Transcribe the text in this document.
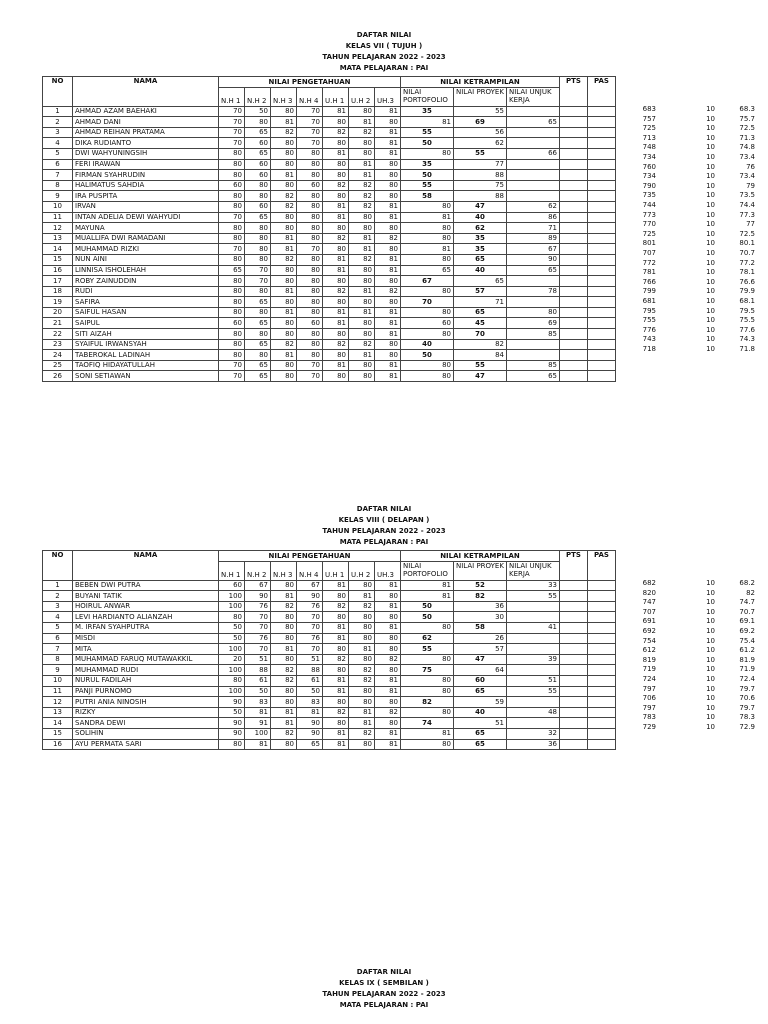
DAFTAR NILAI
KELAS VII ( TUJUH )
TAHUN PELAJARAN 2022 - 2023
MATA PELAJARAN : PAI
NO	NAMA	NILAI PENGETAHUAN							NILAI KETRAMPILAN			PTS	PAS
		N.H 1	N.H 2	N.H 3	N.H 4	U.H 1	U.H 2	UH.3	NILAI PORTOFOLIO	NILAI PROYEK	NILAI UNJUK KERJA		
1	AHMAD AZAM BAEHAKI	70	50	80	70	81	80	81	35	55			
2	AHMAD DANI	70	80	81	70	80	81	80	81	69	65		
3	AHMAD REIHAN PRATAMA	70	65	82	70	82	82	81	55	56			
4	DIKA RUDIANTO	70	60	80	70	80	80	81	50	62			
5	DWI WAHYUNINGSIH	80	65	80	80	81	80	81	80	55	66		
6	FERI IRAWAN	80	60	80	80	80	81	80	35	77			
7	FIRMAN SYAHRUDIN	80	60	81	80	80	81	80	50	88			
8	HALIMATUS SAHDIA	60	80	80	60	82	82	80	55	75			
9	IRA PUSPITA	80	80	82	80	80	82	80	58	88			
10	IRVAN	80	60	82	80	81	82	81	80	47	62		
11	INTAN ADELIA DEWI WAHYUDI	70	65	80	80	81	80	81	81	40	86		
12	MAYUNA	80	80	80	80	80	80	80	80	62	71		
13	MUALLIFA DWI RAMADANI	80	80	81	80	82	81	82	80	35	89		
14	MUHAMMAD RIZKI	70	80	81	70	80	81	80	81	35	67		
15	NUN AINI	80	80	82	80	81	82	81	80	65	90		
16	LINNISA ISHOLEHAH	65	70	80	80	81	80	81	65	40	65		
17	ROBY ZAINUDDIN	80	70	80	80	80	80	80	67	65			
18	RUDI	80	80	81	80	82	81	82	80	57	78		
19	SAFIRA	80	65	80	80	80	80	80	70	71			
20	SAIFUL HASAN	80	80	81	80	81	81	81	80	65	80		
21	SAIPUL	60	65	80	60	81	80	81	60	45	69		
22	SITI AIZAH	80	80	80	80	80	80	81	80	70	85		
23	SYAIFUL IRWANSYAH	80	65	82	80	82	82	80	40	82			
24	TABEROKAL LADINAH	80	80	81	80	80	81	80	50	84			
25	TAOFIQ HIDAYATULLAH	70	65	80	70	81	80	81	80	55	85		
26	SONI SETIAWAN	70	65	80	70	80	80	81	80	47	65		
683	10	68.3
757	10	75.7
725	10	72.5
713	10	71.3
748	10	74.8
734	10	73.4
760	10	76
734	10	73.4
790	10	79
735	10	73.5
744	10	74.4
773	10	77.3
770	10	77
725	10	72.5
801	10	80.1
707	10	70.7
772	10	77.2
781	10	78.1
766	10	76.6
799	10	79.9
681	10	68.1
795	10	79.5
755	10	75.5
776	10	77.6
743	10	74.3
718	10	71.8
DAFTAR NILAI
KELAS VIII ( DELAPAN )
TAHUN PELAJARAN 2022 - 2023
MATA PELAJARAN : PAI
NO	NAMA	NILAI PENGETAHUAN							NILAI KETRAMPILAN			PTS	PAS
		N.H 1	N.H 2	N.H 3	N.H 4	U.H 1	U.H 2	UH.3	NILAI PORTOFOLIO	NILAI PROYEK	NILAI UNJUK KERJA		
1	BEBEN DWI PUTRA	60	67	80	67	81	80	81	81	52	33		
2	BUYANI TATIK	100	90	81	90	80	81	80	81	82	55		
3	HOIRUL ANWAR	100	76	82	76	82	82	81	50	36			
4	LEVI HARDIANTO ALIANZAH	80	70	80	70	80	80	80	50	30			
5	M. IRFAN SYAHPUTRA	50	70	80	70	81	80	81	80	58	41		
6	MISDI	50	76	80	76	81	80	80	62	26			
7	MITA	100	70	81	70	80	81	80	55	57			
8	MUHAMMAD FARUQ MUTAWAKKIL	20	51	80	51	82	80	82	80	47	39		
9	MUHAMMAD RUDI	100	88	82	88	80	82	80	75	64			
10	NURUL FADILAH	80	61	82	61	81	82	81	80	60	51		
11	PANJI PURNOMO	100	50	80	50	81	80	81	80	65	55		
12	PUTRI ANIA NINOSIH	90	83	80	83	80	80	80	82	59			
13	RIZKY	50	81	81	81	82	81	82	80	40	48		
14	SANDRA DEWI	90	91	81	90	80	81	80	74	51			
15	SOLIHIN	90	100	82	90	81	82	81	81	65	32		
16	AYU PERMATA SARI	80	81	80	65	81	80	81	80	65	36		
682	10	68.2
820	10	82
747	10	74.7
707	10	70.7
691	10	69.1
692	10	69.2
754	10	75.4
612	10	61.2
819	10	81.9
719	10	71.9
724	10	72.4
797	10	79.7
706	10	70.6
797	10	79.7
783	10	78.3
729	10	72.9
DAFTAR NILAI
KELAS IX ( SEMBILAN )
TAHUN PELAJARAN 2022 - 2023
MATA PELAJARAN : PAI
